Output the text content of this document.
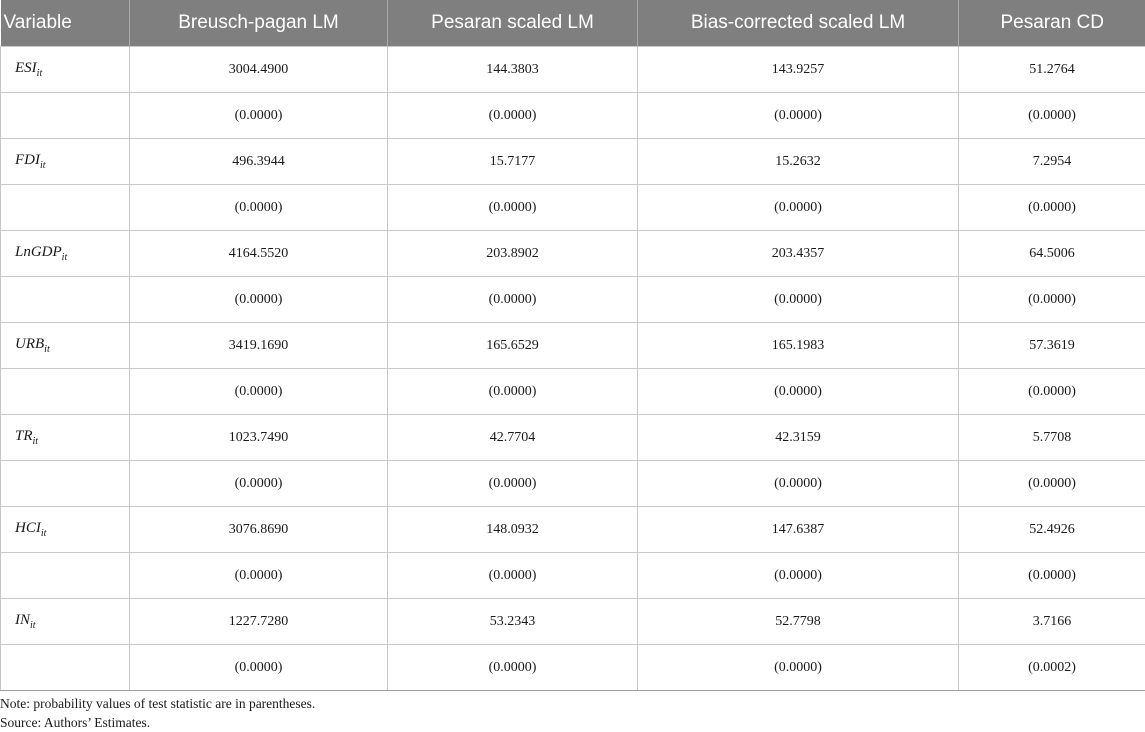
Variable	Breusch-pagan LM	Pesaran scaled LM	Bias-corrected scaled LM	Pesaran CD
$ESI_{it}$	3004.4900	144.3803	143.9257	51.2764
	(0.0000)	(0.0000)	(0.0000)	(0.0000)
$FDI_{it}$	496.3944	15.7177	15.2632	7.2954
	(0.0000)	(0.0000)	(0.0000)	(0.0000)
LnGDP$_{it}$	4164.5520	203.8902	203.4357	64.5006
	(0.0000)	(0.0000)	(0.0000)	(0.0000)
$URB_{it}$	3419.1690	165.6529	165.1983	57.3619
	(0.0000)	(0.0000)	(0.0000)	(0.0000)
$TR_{it}$	1023.7490	42.7704	42.3159	5.7708
	(0.0000)	(0.0000)	(0.0000)	(0.0000)
$HCI_{it}$	3076.8690	148.0932	147.6387	52.4926
	(0.0000)	(0.0000)	(0.0000)	(0.0000)
$IN_{it}$	1227.7280	53.2343	52.7798	3.7166
	(0.0000)	(0.0000)	(0.0000)	(0.0002)
Note: probability values of test statistic are in parentheses.
Source: Authors’ Estimates.
